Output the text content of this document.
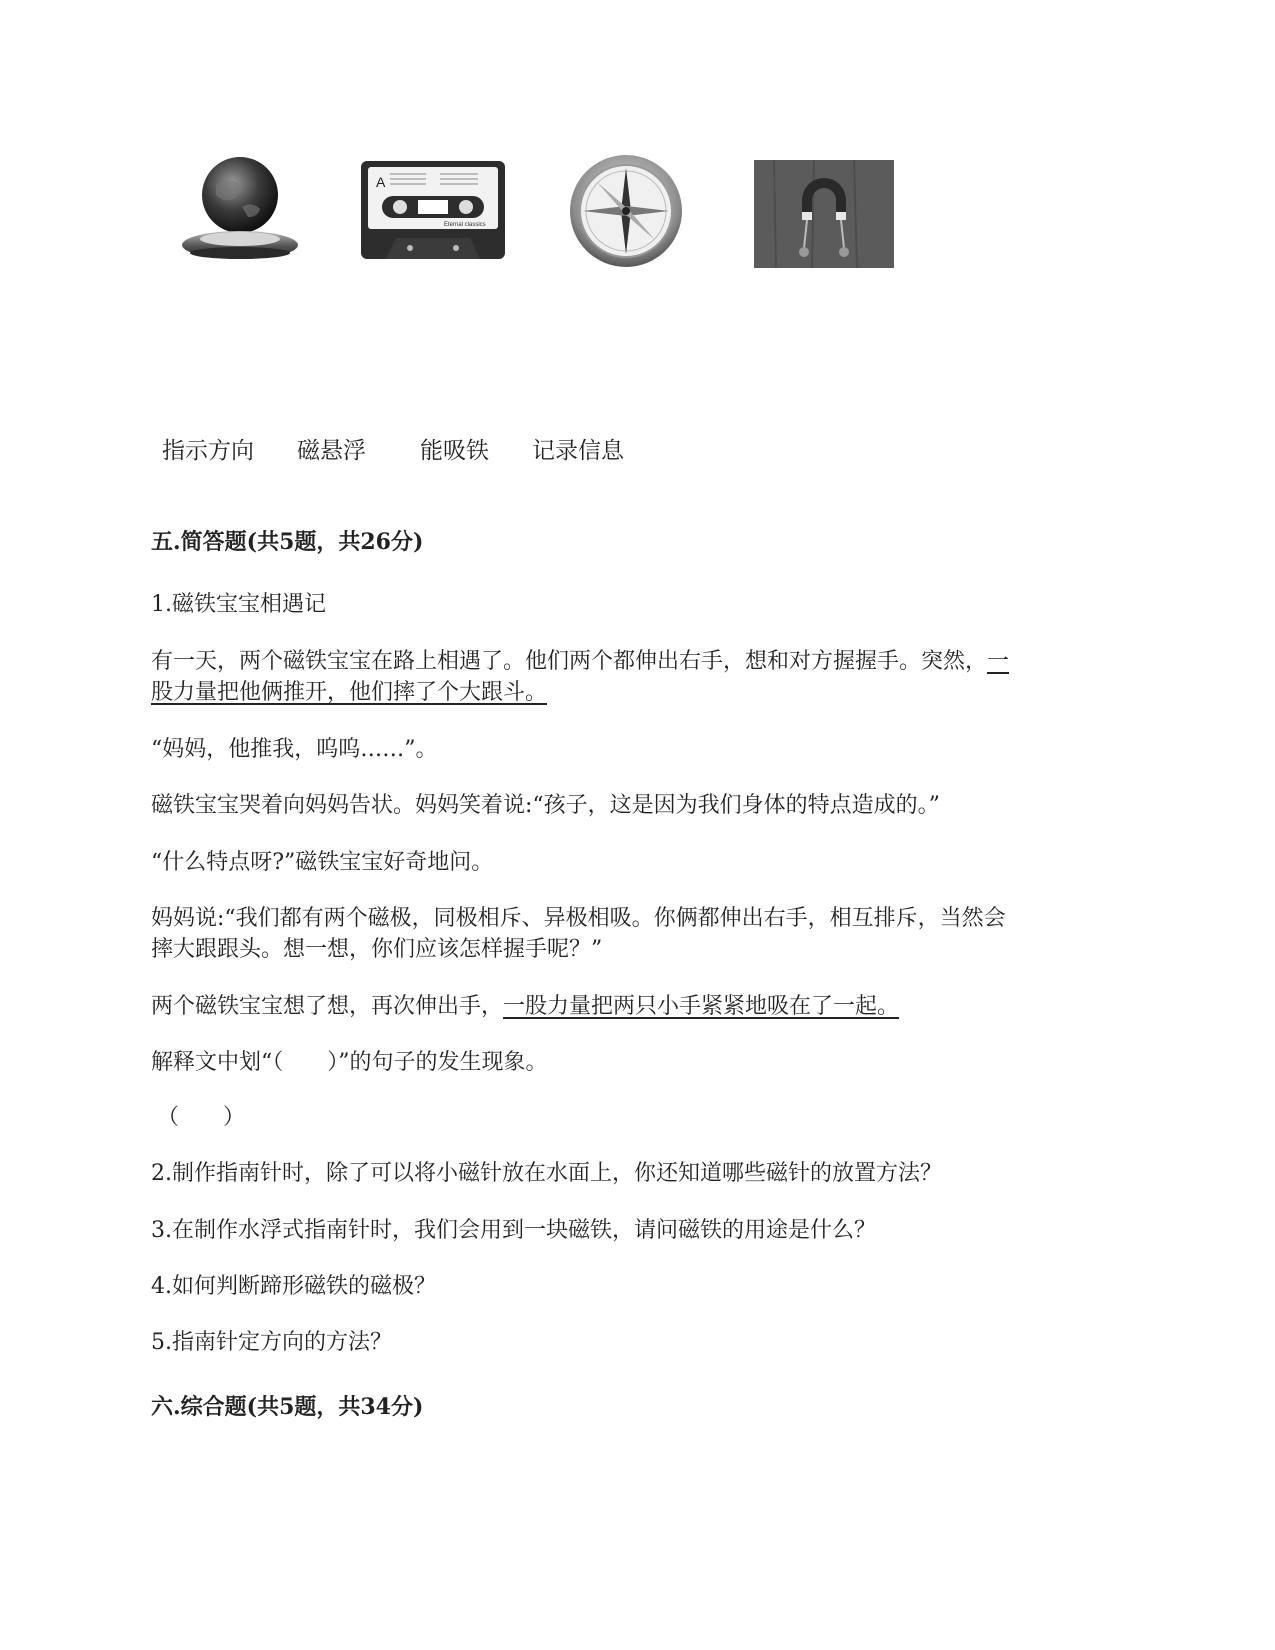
A
Eternal classics
指示方向 磁悬浮 能吸铁 记录信息
五.简答题(共5题，共26分)
1.磁铁宝宝相遇记
有一天，两个磁铁宝宝在路上相遇了。他们两个都伸出右手，想和对方握握手。突然，一
股力量把他俩推开，他们摔了个大跟斗。
“妈妈，他推我，呜呜……”。
磁铁宝宝哭着向妈妈告状。妈妈笑着说:“孩子，这是因为我们身体的特点造成的。”
“什么特点呀?”磁铁宝宝好奇地问。
妈妈说:“我们都有两个磁极，同极相斥、异极相吸。你俩都伸出右手，相互排斥，当然会
摔大跟跟头。想一想，你们应该怎样握手呢？”
两个磁铁宝宝想了想，再次伸出手，一股力量把两只小手紧紧地吸在了一起。
解释文中划“（　　）”的句子的发生现象。
（　　）
2.制作指南针时，除了可以将小磁针放在水面上，你还知道哪些磁针的放置方法？
3.在制作水浮式指南针时，我们会用到一块磁铁，请问磁铁的用途是什么？
4.如何判断蹄形磁铁的磁极？
5.指南针定方向的方法？
六.综合题(共5题，共34分)
